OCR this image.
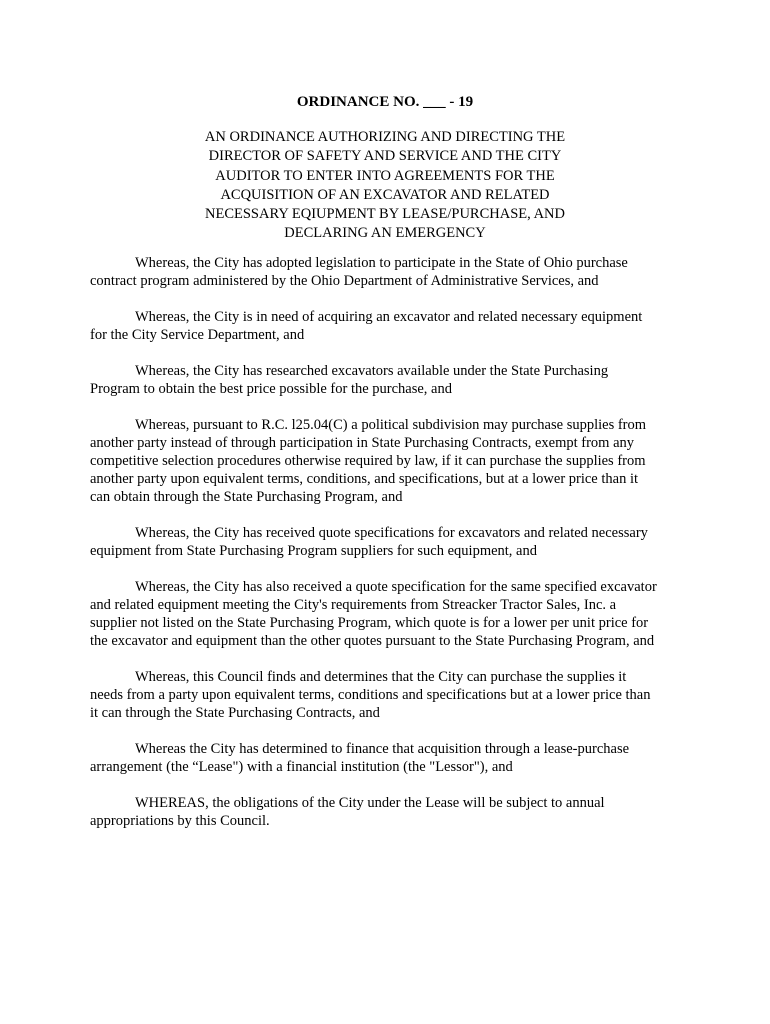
ORDINANCE NO. ___ - 19
AN ORDINANCE AUTHORIZING AND DIRECTING THE
DIRECTOR OF SAFETY AND SERVICE AND THE CITY
AUDITOR TO ENTER INTO AGREEMENTS FOR THE
ACQUISITION OF AN EXCAVATOR AND RELATED
NECESSARY EQIUPMENT BY LEASE/PURCHASE, AND
DECLARING AN EMERGENCY
Whereas, the City has adopted legislation to participate in the State of Ohio purchase
contract program administered by the Ohio Department of Administrative Services, and
Whereas, the City is in need of acquiring an excavator and related necessary equipment
for the City Service Department, and
Whereas, the City has researched excavators available under the State Purchasing
Program to obtain the best price possible for the purchase, and
Whereas, pursuant to R.C. l25.04(C) a political subdivision may purchase supplies from
another party instead of through participation in State Purchasing Contracts, exempt from any
competitive selection procedures otherwise required by law, if it can purchase the supplies from
another party upon equivalent terms, conditions, and specifications, but at a lower price than it
can obtain through the State Purchasing Program, and
Whereas, the City has received quote specifications for excavators and related necessary
equipment from State Purchasing Program suppliers for such equipment, and
Whereas, the City has also received a quote specification for the same specified excavator
and related equipment meeting the City's requirements from Streacker Tractor Sales, Inc. a
supplier not listed on the State Purchasing Program, which quote is for a lower per unit price for
the excavator and equipment than the other quotes pursuant to the State Purchasing Program, and
Whereas, this Council finds and determines that the City can purchase the supplies it
needs from a party upon equivalent terms, conditions and specifications but at a lower price than
it can through the State Purchasing Contracts, and
Whereas the City has determined to finance that acquisition through a lease-purchase
arrangement (the “Lease") with a financial institution (the "Lessor"), and
WHEREAS, the obligations of the City under the Lease will be subject to annual
appropriations by this Council.
